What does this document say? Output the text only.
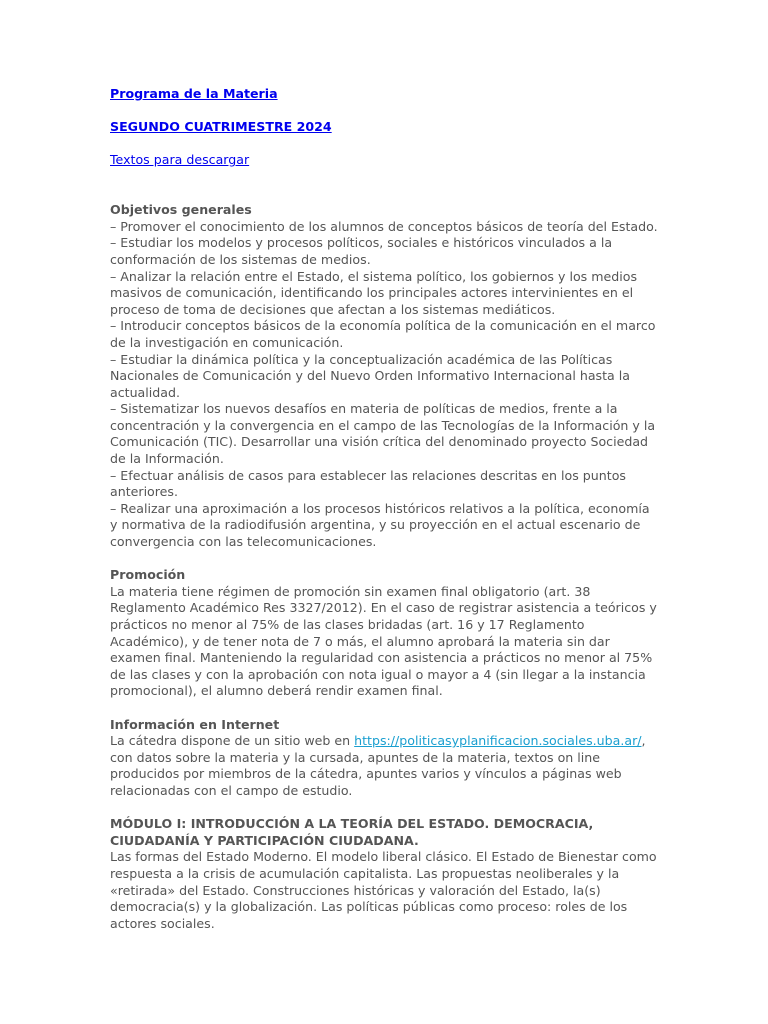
Programa de la Materia
SEGUNDO CUATRIMESTRE 2024
Textos para descargar
Objetivos generales
– Promover el conocimiento de los alumnos de conceptos básicos de teoría del Estado. – Estudiar los modelos y procesos políticos, sociales e históricos vinculados a la conformación de los sistemas de medios.
– Analizar la relación entre el Estado, el sistema político, los gobiernos y los medios masivos de comunicación, identificando los principales actores intervinientes en el proceso de toma de decisiones que afectan a los sistemas mediáticos.
– Introducir conceptos básicos de la economía política de la comunicación en el marco de la investigación en comunicación.
– Estudiar la dinámica política y la conceptualización académica de las Políticas Nacionales de Comunicación y del Nuevo Orden Informativo Internacional hasta la actualidad.
– Sistematizar los nuevos desafíos en materia de políticas de medios, frente a la concentración y la convergencia en el campo de las Tecnologías de la Información y la Comunicación (TIC). Desarrollar una visión crítica del denominado proyecto Sociedad de la Información.
– Efectuar análisis de casos para establecer las relaciones descritas en los puntos anteriores.
– Realizar una aproximación a los procesos históricos relativos a la política, economía y normativa de la radiodifusión argentina, y su proyección en el actual escenario de convergencia con las telecomunicaciones.
Promoción
La materia tiene régimen de promoción sin examen final obligatorio (art. 38 Reglamento Académico Res 3327/2012). En el caso de registrar asistencia a teóricos y prácticos no menor al 75% de las clases bridadas (art. 16 y 17 Reglamento Académico), y de tener nota de 7 o más, el alumno aprobará la materia sin dar examen final. Manteniendo la regularidad con asistencia a prácticos no menor al 75% de las clases y con la aprobación con nota igual o mayor a 4 (sin llegar a la instancia promocional), el alumno deberá rendir examen final.
Información en Internet
La cátedra dispone de un sitio web en https://politicasyplanificacion.sociales.uba.ar/, con datos sobre la materia y la cursada, apuntes de la materia, textos on line producidos por miembros de la cátedra, apuntes varios y vínculos a páginas web relacionadas con el campo de estudio.
MÓDULO I: INTRODUCCIÓN A LA TEORÍA DEL ESTADO. DEMOCRACIA, CIUDADANÍA Y PARTICIPACIÓN CIUDADANA.
Las formas del Estado Moderno. El modelo liberal clásico. El Estado de Bienestar como respuesta a la crisis de acumulación capitalista. Las propuestas neoliberales y la «retirada» del Estado. Construcciones históricas y valoración del Estado, la(s) democracia(s) y la globalización. Las políticas públicas como proceso: roles de los actores sociales.
